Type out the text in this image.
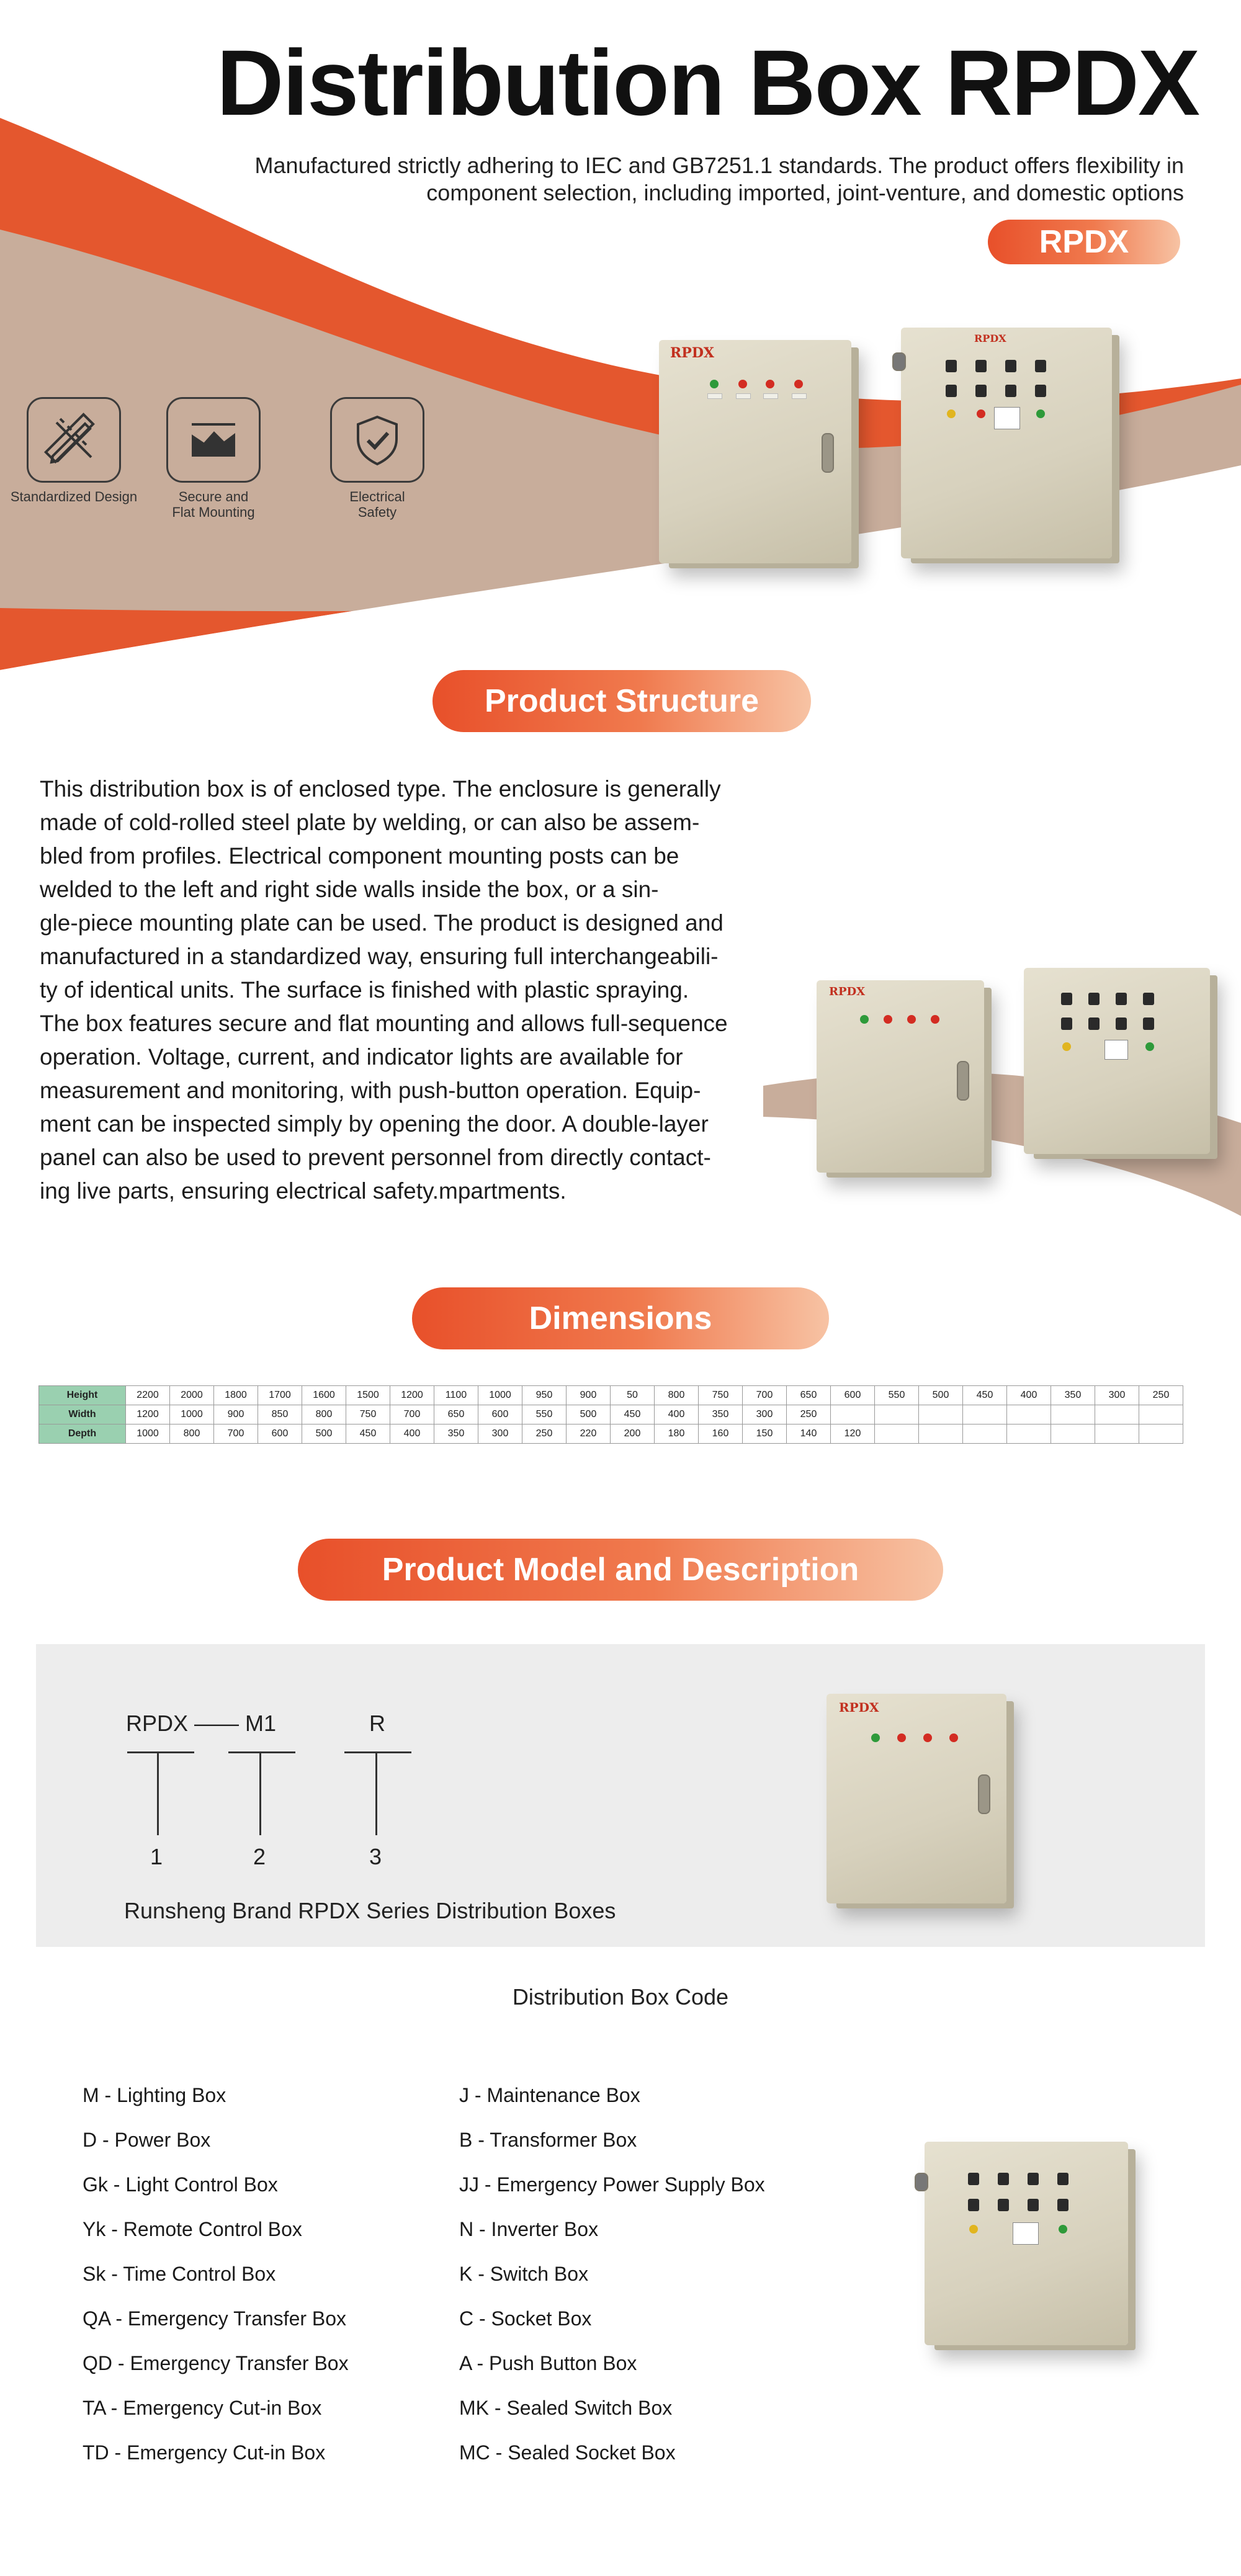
Distribution Box RPDX
Manufactured strictly adhering to IEC and GB7251.1 standards. The product offers flexibility in component selection, including imported, joint-venture, and domestic options
RPDX
Standardized Design	Secure and
Flat Mounting
Electrical
Safety
RPDX
RPDX
Product Structure
This distribution box is of enclosed type. The enclosure is generally
made of cold-rolled steel plate by welding, or can also be assem-
bled from profiles. Electrical component mounting posts can be
welded to the left and right side walls inside the box, or a sin-
gle-piece mounting plate can be used. The product is designed and
manufactured in a standardized way, ensuring full interchangeabili-
ty of identical units. The surface is finished with plastic spraying.
The box features secure and flat mounting and allows full-sequence
operation. Voltage, current, and indicator lights are available for
measurement and monitoring, with push-button operation. Equip-
ment can be inspected simply by opening the door. A double-layer
panel can also be used to prevent personnel from directly contact-
ing live parts, ensuring electrical safety.mpartments.
RPDX
Dimensions
Height	2200	2000	1800	1700	1600	1500	1200	1100	1000	950	900	50	800	750	700	650	600	550	500	450	400	350	300	250
Width	1200	1000	900	850	800	750	700	650	600	550	500	450	400	350	300	250								
Depth	1000	800	700	600	500	450	400	350	300	250	220	200	180	160	150	140	120							
Product Model and Description
RPDX —— M1	R
1	2	3
Runsheng Brand RPDX Series Distribution Boxes
RPDX
Distribution Box Code
M - Lighting Box
D - Power Box
Gk - Light Control Box
Yk - Remote Control Box
Sk - Time Control Box
QA - Emergency Transfer Box
QD - Emergency Transfer Box
TA - Emergency Cut-in Box
TD - Emergency Cut-in Box
J - Maintenance Box
B - Transformer Box
JJ - Emergency Power Supply Box
N - Inverter Box
K - Switch Box
C - Socket Box
A - Push Button Box
MK - Sealed Switch Box
MC - Sealed Socket Box
